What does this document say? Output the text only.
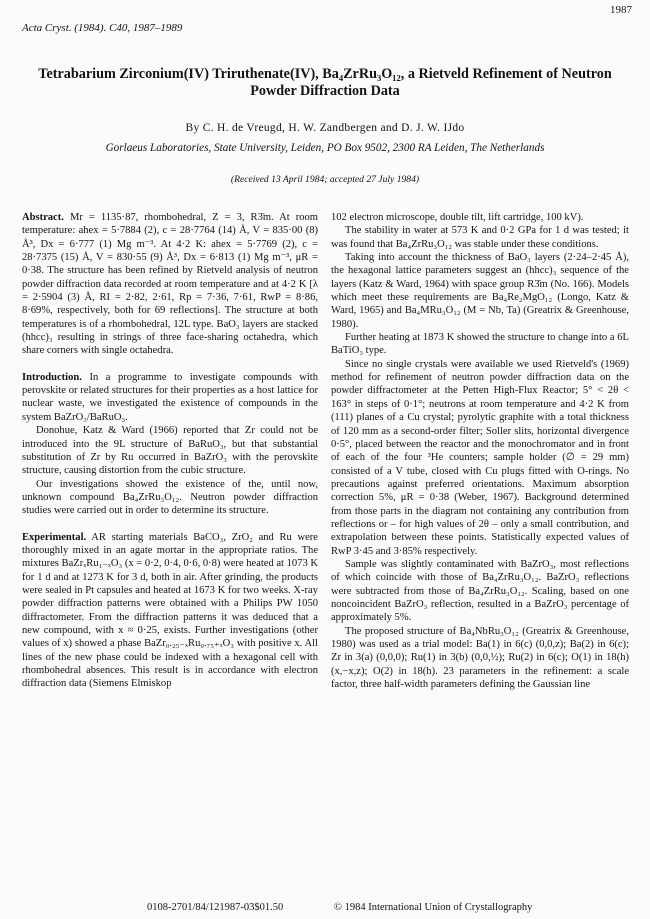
1987
Acta Cryst. (1984). C40, 1987–1989
Tetrabarium Zirconium(IV) Triruthenate(IV), Ba₄ZrRu₃O₁₂, a Rietveld Refinement of Neutron Powder Diffraction Data
By C. H. de Vreugd, H. W. Zandbergen and D. J. W. IJdo
Gorlaeus Laboratories, State University, Leiden, PO Box 9502, 2300 RA Leiden, The Netherlands
(Received 13 April 1984; accepted 27 July 1984)

Abstract. Mr = 1135·87, rhombohedral, Z = 3, R3̄m. At room temperature: ahex = 5·7884 (2), c = 28·7764 (14) Å, V = 835·00 (8) Å³, Dx = 6·777 (1) Mg m⁻³. At 4·2 K: ahex = 5·7769 (2), c = 28·7375 (15) Å, V = 830·55 (9) Å³, Dx = 6·813 (1) Mg m⁻³, μR = 0·38. The structure has been refined by Rietveld analysis of neutron powder diffraction data recorded at room temperature and at 4·2 K [λ = 2·5904 (3) Å, RI = 2·82, 2·61, Rp = 7·36, 7·61, RwP = 8·86, 8·69%, respectively, both for 69 reflections]. The structure at both temperatures is of a rhombohedral, 12L type. BaO₃ layers are stacked (hhcc)₃ resulting in strings of three face-sharing octahedra, which share corners with single octahedra.

Introduction. In a programme to investigate compounds with perovskite or related structures for their properties as a host lattice for nuclear waste, we investigated the existence of compounds in the system BaZrO₃/BaRuO₃.

Donohue, Katz & Ward (1966) reported that Zr could not be introduced into the 9L structure of BaRuO₃, but that substantial substitution of Zr by Ru occurred in BaZrO₃ with the perovskite structure, causing distortion from the cubic structure.

Our investigations showed the existence of the, until now, unknown compound Ba₄ZrRu₃O₁₂. Neutron powder diffraction studies were carried out in order to determine its structure.

Experimental. AR starting materials BaCO₃, ZrO₂ and Ru were thoroughly mixed in an agate mortar in the appropriate ratios. The mixtures BaZrₓRu₁₋ₓO₃ (x = 0·2, 0·4, 0·6, 0·8) were heated at 1073 K for 1 d and at 1273 K for 3 d, both in air. After grinding, the products were sealed in Pt capsules and heated at 1673 K for two weeks. X-ray powder diffraction patterns were obtained with a Philips PW 1050 diffractometer. From the diffraction patterns it was deduced that a new compound, with x ≈ 0·25, exists. Further investigations (other values of x) showed a phase BaZr₀.₂₅₋ₓRu₀.₇₅₊ₓO₃ with positive x. All lines of the new phase could be indexed with a hexagonal cell with rhombohedral absences. This result is in accordance with electron diffraction data (Siemens Elmiskop

102 electron microscope, double tilt, lift cartridge, 100 kV).

The stability in water at 573 K and 0·2 GPa for 1 d was tested; it was found that Ba₄ZrRu₃O₁₂ was stable under these conditions.

Taking into account the thickness of BaO₃ layers (2·24–2·45 Å), the hexagonal lattice parameters suggest an (hhcc)₃ sequence of the layers (Katz & Ward, 1964) with space group R3̄m (No. 166). Models which meet these requirements are Ba₄Re₂MgO₁₂ (Longo, Katz & Ward, 1965) and Ba₄MRu₃O₁₂ (M = Nb, Ta) (Greatrix & Greenhouse, 1980).

Further heating at 1873 K showed the structure to change into a 6L BaTiO₃ type.

Since no single crystals were available we used Rietveld's (1969) method for refinement of neutron powder diffraction data on the powder diffractometer at the Petten High-Flux Reactor; 5° < 2θ < 163° in steps of 0·1°; neutrons at room temperature and 4·2 K from (111) planes of a Cu crystal; pyrolytic graphite with a total thickness of 120 mm as a second-order filter; Soller slits, horizontal divergence 0·5°, placed between the reactor and the monochromator and in front of each of the four ³He counters; sample holder (∅ = 29 mm) consisted of a V tube, closed with Cu plugs fitted with O-rings. No precautions against preferred orientations. Maximum absorption correction 5%, μR = 0·38 (Weber, 1967). Background determined from those parts in the diagram not containing any contribution from reflections or – for high values of 2θ – only a small contribution, and extrapolation between these points. Statistically expected values of RwP 3·45 and 3·85% respectively.

Sample was slightly contaminated with BaZrO₃, most reflections of which coincide with those of Ba₄ZrRu₃O₁₂. BaZrO₃ reflections were subtracted from those of Ba₄ZrRu₃O₁₂. Scaling, based on one noncoincident BaZrO₃ reflection, resulted in a BaZrO₃ percentage of approximately 5%.

The proposed structure of Ba₄NbRu₃O₁₂ (Greatrix & Greenhouse, 1980) was used as a trial model: Ba(1) in 6(c) (0,0,z); Ba(2) in 6(c); Zr in 3(a) (0,0,0); Ru(1) in 3(b) (0,0,½); Ru(2) in 6(c); O(1) in 18(h) (x,−x,z); O(2) in 18(h). 23 parameters in the refinement: a scale factor, three half-width parameters defining the Gaussian line

0108-2701/84/121987-03$01.50	© 1984 International Union of Crystallography
